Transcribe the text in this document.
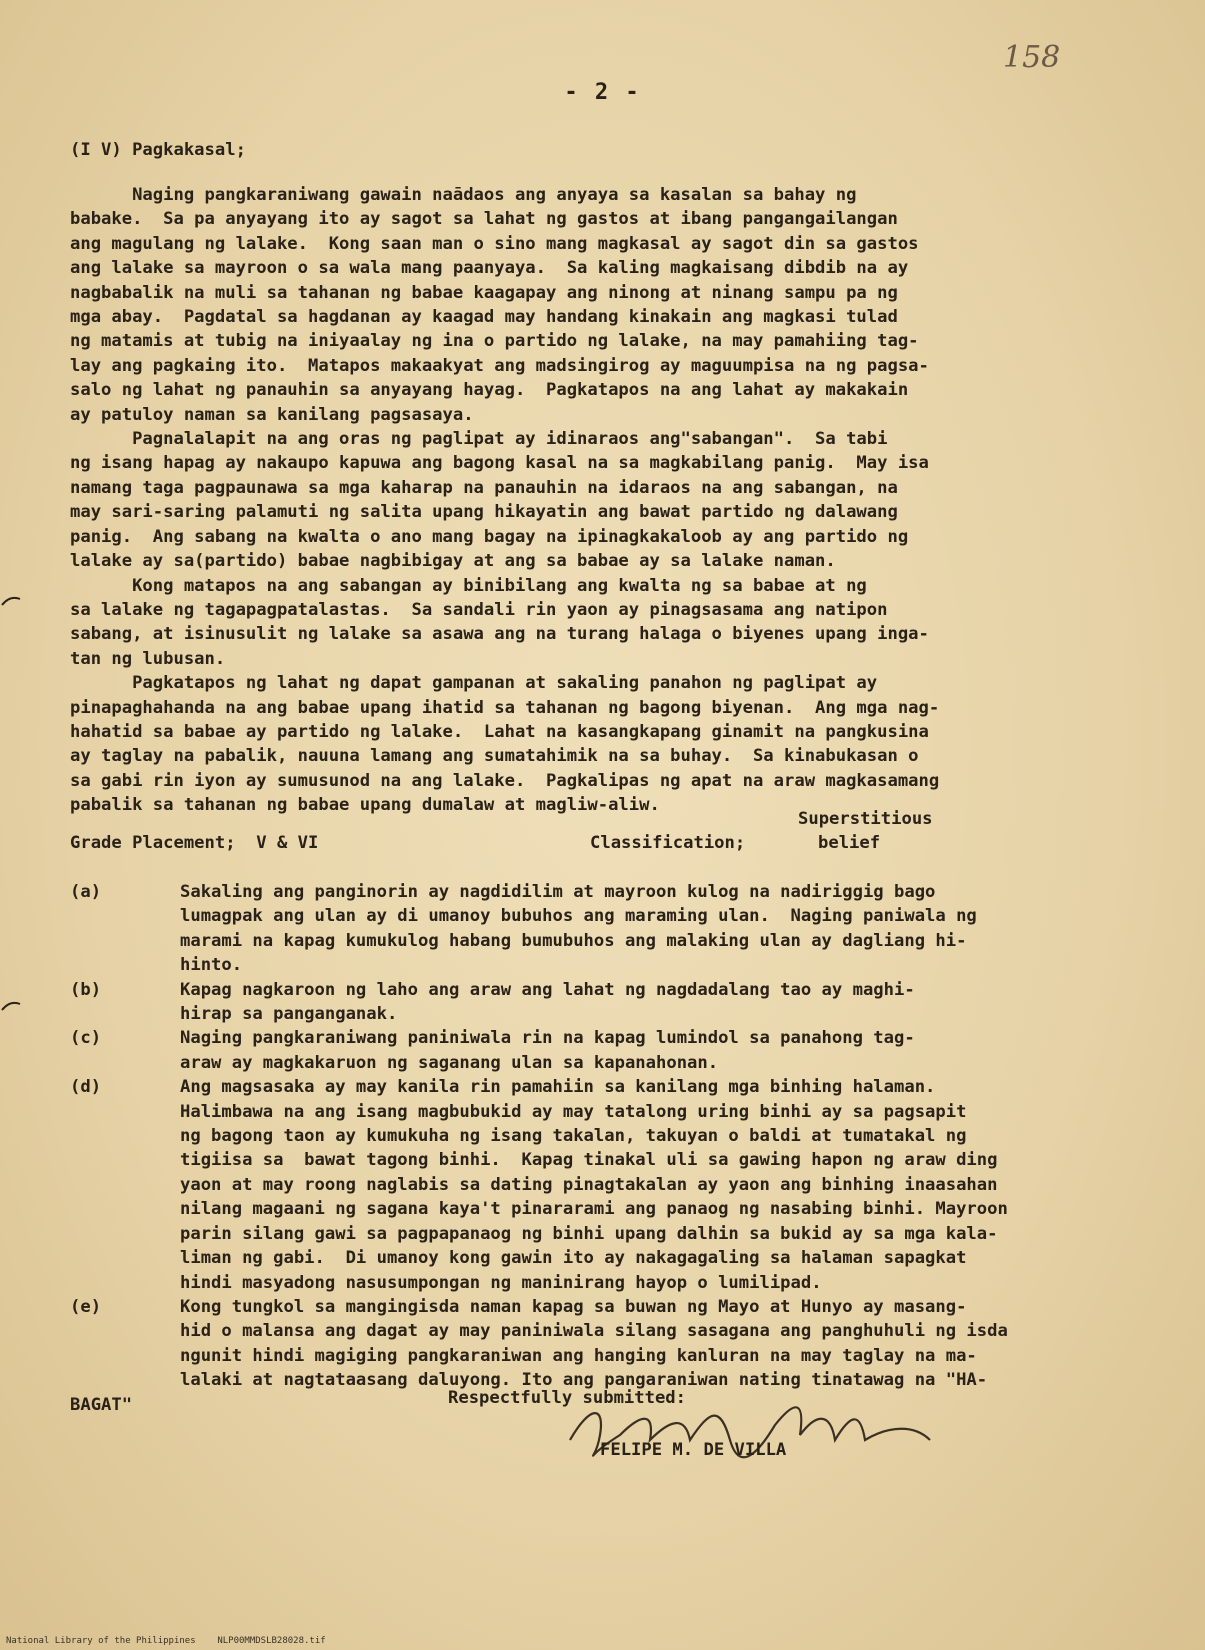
158
- 2 -
(I V) Pagkakasal;
Naging pangkaraniwang gawain naādaos ang anyaya sa kasalan sa bahay ng
babake.  Sa pa anyayang ito ay sagot sa lahat ng gastos at ibang pangangailangan
ang magulang ng lalake.  Kong saan man o sino mang magkasal ay sagot din sa gastos
ang lalake sa mayroon o sa wala mang paanyaya.  Sa kaling magkaisang dibdib na ay
nagbabalik na muli sa tahanan ng babae kaagapay ang ninong at ninang sampu pa ng
mga abay.  Pagdatal sa hagdanan ay kaagad may handang kinakain ang magkasi tulad
ng matamis at tubig na iniyaalay ng ina o partido ng lalake, na may pamahiing tag-
lay ang pagkaing ito.  Matapos makaakyat ang madsingirog ay maguumpisa na ng pagsa-
salo ng lahat ng panauhin sa anyayang hayag.  Pagkatapos na ang lahat ay makakain
ay patuloy naman sa kanilang pagsasaya.
Pagnalalapit na ang oras ng paglipat ay idinaraos ang"sabangan".  Sa tabi
ng isang hapag ay nakaupo kapuwa ang bagong kasal na sa magkabilang panig.  May isa
namang taga pagpaunawa sa mga kaharap na panauhin na idaraos na ang sabangan, na
may sari-saring palamuti ng salita upang hikayatin ang bawat partido ng dalawang
panig.  Ang sabang na kwalta o ano mang bagay na ipinagkakaloob ay ang partido ng
lalake ay sa(partido) babae nagbibigay at ang sa babae ay sa lalake naman.
Kong matapos na ang sabangan ay binibilang ang kwalta ng sa babae at ng
sa lalake ng tagapagpatalastas.  Sa sandali rin yaon ay pinagsasama ang natipon
sabang, at isinusulit ng lalake sa asawa ang na turang halaga o biyenes upang inga-
tan ng lubusan.
Pagkatapos ng lahat ng dapat gampanan at sakaling panahon ng paglipat ay
pinapaghahanda na ang babae upang ihatid sa tahanan ng bagong biyenan.  Ang mga nag-
hahatid sa babae ay partido ng lalake.  Lahat na kasangkapang ginamit na pangkusina
ay taglay na pabalik, nauuna lamang ang sumatahimik na sa buhay.  Sa kinabukasan o
sa gabi rin iyon ay sumusunod na ang lalake.  Pagkalipas ng apat na araw magkasamang
pabalik sa tahanan ng babae upang dumalaw at magliw-aliw.

Grade Placement;  V & VI

	Classification;

Superstitious

belief

(a)	Sakaling ang panginorin ay nagdidilim at mayroon kulog na nadiriggig bago
lumagpak ang ulan ay di umanoy bubuhos ang maraming ulan.  Naging paniwala ng
marami na kapag kumukulog habang bumubuhos ang malaking ulan ay dagliang hi-
hinto.
(b)	Kapag nagkaroon ng laho ang araw ang lahat ng nagdadalang tao ay maghi-
hirap sa panganganak.
(c)	Naging pangkaraniwang paniniwala rin na kapag lumindol sa panahong tag-
araw ay magkakaruon ng saganang ulan sa kapanahonan.
(d)	Ang magsasaka ay may kanila rin pamahiin sa kanilang mga binhing halaman.
Halimbawa na ang isang magbubukid ay may tatalong uring binhi ay sa pagsapit
ng bagong taon ay kumukuha ng isang takalan, takuyan o baldi at tumatakal ng
tigiisa sa  bawat tagong binhi.  Kapag tinakal uli sa gawing hapon ng araw ding
yaon at may roong naglabis sa dating pinagtakalan ay yaon ang binhing inaasahan
nilang magaani ng sagana kaya't pinararami ang panaog ng nasabing binhi. Mayroon
parin silang gawi sa pagpapanaog ng binhi upang dalhin sa bukid ay sa mga kala-
liman ng gabi.  Di umanoy kong gawin ito ay nakagagaling sa halaman sapagkat
hindi masyadong nasusumpongan ng maninirang hayop o lumilipad.
(e)	Kong tungkol sa mangingisda naman kapag sa buwan ng Mayo at Hunyo ay masang-
hid o malansa ang dagat ay may paniniwala silang sasagana ang panghuhuli ng isda
ngunit hindi magiging pangkaraniwan ang hanging kanluran na may taglay na ma-
lalaki at nagtataasang daluyong. Ito ang pangaraniwan nating tinatawag na "HA-
BAGAT"	Respectfully submitted:
FELIPE M. DE VILLA
National Library of the Philippines    NLP00MMDSLB28028.tif
